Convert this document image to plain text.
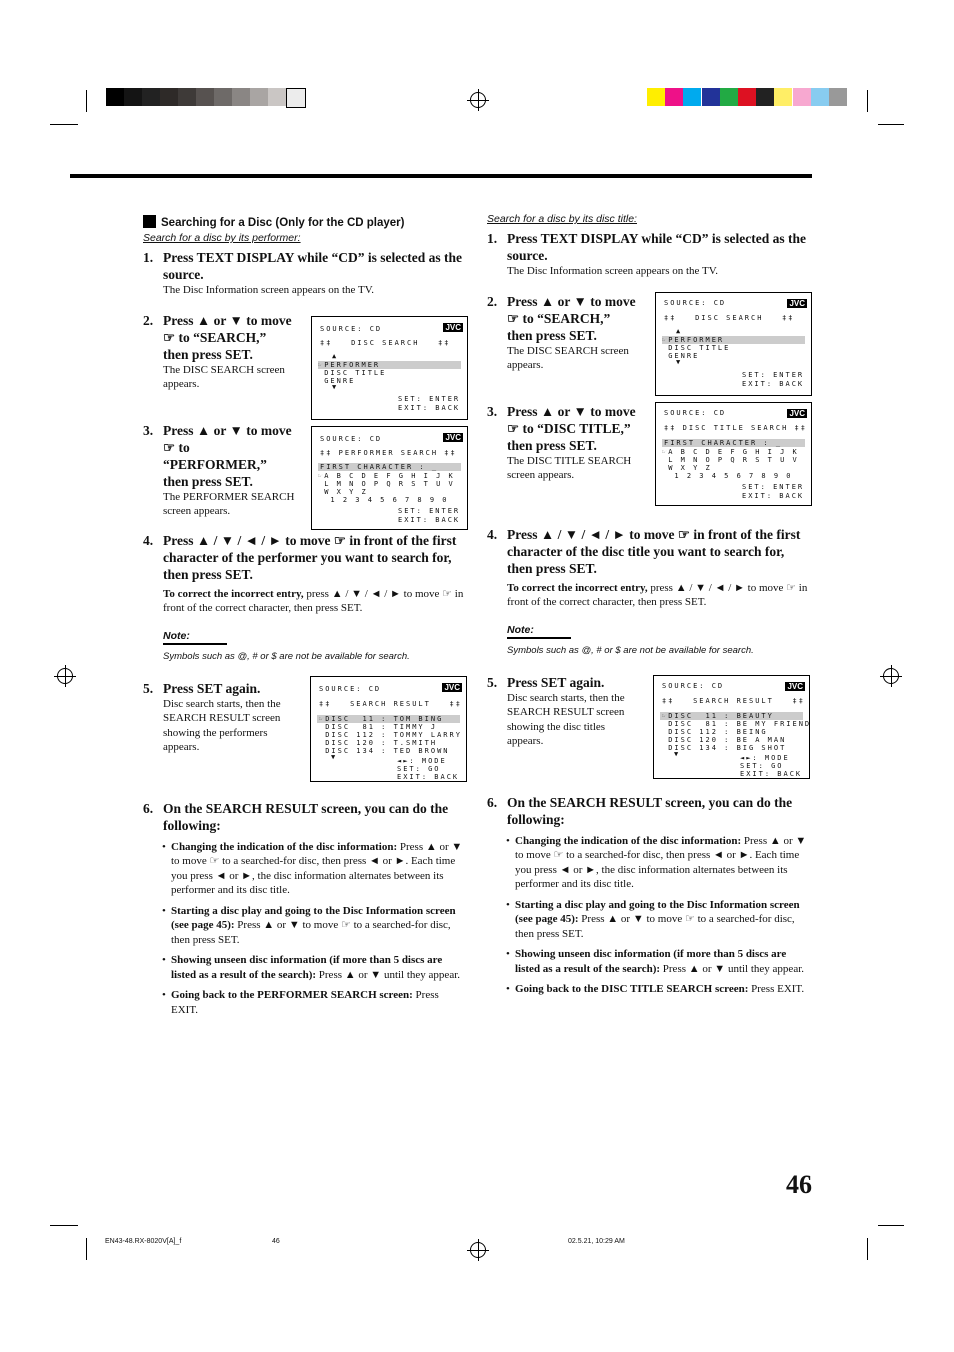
Searching for a Disc (Only for the CD player)
Search for a disc by its performer:
1. Press TEXT DISPLAY while “CD” is selected as the source.
The Disc Information screen appears on the TV.
2. Press ▲ or ▼ to move ☞ to “SEARCH,” then press SET.
The DISC SEARCH screen appears.
3. Press ▲ or ▼ to move ☞ to “PERFORMER,” then press SET.
The PERFORMER SEARCH screen appears.
4. Press ▲ / ▼ / ◄ / ► to move ☞ in front of the first character of the performer you want to search for, then press SET.
To correct the incorrect entry, press ▲ / ▼ / ◄ / ► to move ☞ in front of the correct character, then press SET.
Note:
Symbols such as @, # or $ are not be available for search.
5. Press SET again.
Disc search starts, then the SEARCH RESULT screen showing the performers appears.
6. On the SEARCH RESULT screen, you can do the following:
• Changing the indication of the disc information: Press ▲ or ▼ to move ☞ to a searched-for disc, then press ◄ or ►. Each time you press ◄ or ►, the disc information alternates between its performer and its disc title.
• Starting a disc play and going to the Disc Information screen (see page 45): Press ▲ or ▼ to move ☞ to a searched-for disc, then press SET.
• Showing unseen disc information (if more than 5 discs are listed as a result of the search): Press ▲ or ▼ until they appear.
• Going back to the PERFORMER SEARCH screen: Press EXIT.
Search for a disc by its disc title:
1. Press TEXT DISPLAY while “CD” is selected as the source.
The Disc Information screen appears on the TV.
2. Press ▲ or ▼ to move ☞ to “SEARCH,” then press SET.
The DISC SEARCH screen appears.
3. Press ▲ or ▼ to move ☞ to “DISC TITLE,” then press SET.
The DISC TITLE SEARCH screen appears.
4. Press ▲ / ▼ / ◄ / ► to move ☞ in front of the first character of the disc title you want to search for, then press SET.
To correct the incorrect entry, press ▲ / ▼ / ◄ / ► to move ☞ in front of the correct character, then press SET.
Note:
Symbols such as @, # or $ are not be available for search.
5. Press SET again.
Disc search starts, then the SEARCH RESULT screen showing the disc titles appears.
6. On the SEARCH RESULT screen, you can do the following:
• Changing the indication of the disc information: Press ▲ or ▼ to move ☞ to a searched-for disc, then press ◄ or ►. Each time you press ◄ or ►, the disc information alternates between its performer and its disc title.
• Starting a disc play and going to the Disc Information screen (see page 45): Press ▲ or ▼ to move ☞ to a searched-for disc, then press SET.
• Showing unseen disc information (if more than 5 discs are listed as a result of the search): Press ▲ or ▼ until they appear.
• Going back to the DISC TITLE SEARCH screen: Press EXIT.
JVC
SOURCE: CD
‡‡   DISC SEARCH   ‡‡
▲
☞PERFORMER
DISC TITLE
GENRE
▼
SET: ENTER
EXIT: BACK
JVC
SOURCE: CD
‡‡ PERFORMER SEARCH ‡‡
FIRST CHARACTER : _
☞A B C D E F G H I J K
L M N O P Q R S T U V
W X Y Z
1 2 3 4 5 6 7 8 9 0
SET: ENTER
EXIT: BACK
JVC
SOURCE: CD
‡‡   SEARCH RESULT   ‡‡
☞DISC  11 : TOM BING
DISC  81 : TIMMY J
DISC 112 : TOMMY LARRY
DISC 120 : T.SMITH
DISC 134 : TED BROWN
▼	◄►: MODE
SET: GO
EXIT: BACK
JVC
SOURCE: CD
‡‡   DISC SEARCH   ‡‡
▲
☞PERFORMER
DISC TITLE
GENRE
▼
SET: ENTER
EXIT: BACK
JVC
SOURCE: CD
‡‡ DISC TITLE SEARCH ‡‡
FIRST CHARACTER : _
☞A B C D E F G H I J K
L M N O P Q R S T U V
W X Y Z
1 2 3 4 5 6 7 8 9 0
SET: ENTER
EXIT: BACK
JVC
SOURCE: CD
‡‡   SEARCH RESULT   ‡‡
☞DISC  11 : BEAUTY
DISC  81 : BE MY FRIEND
DISC 112 : BEING
DISC 120 : BE A MAN
DISC 134 : BIG SHOT
▼	◄►: MODE
SET: GO
EXIT: BACK
46
EN43-48.RX-8020V[A]_f	46	02.5.21, 10:29 AM
